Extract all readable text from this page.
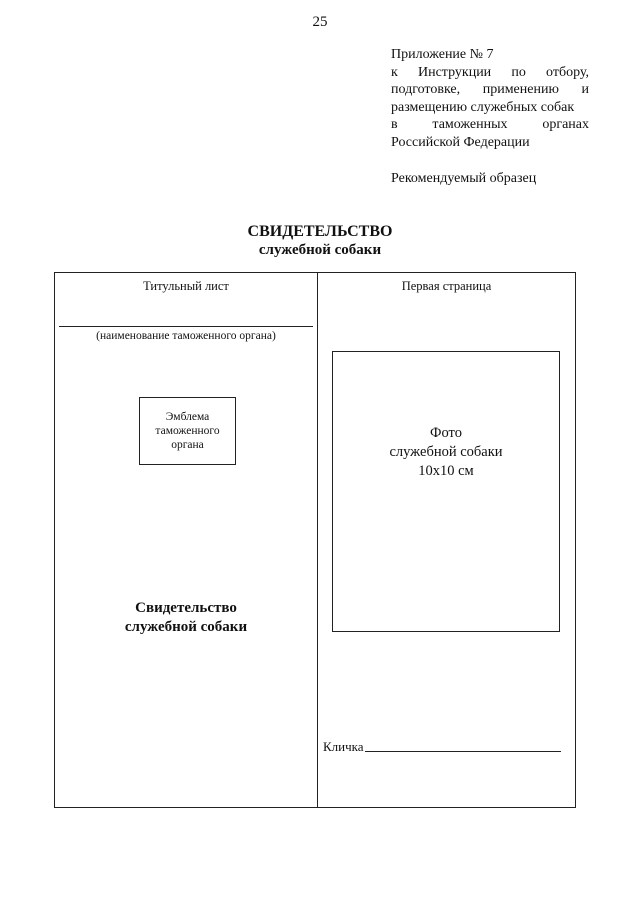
25
Приложение № 7
к Инструкции по отбору,
подготовке, применению и
размещению служебных собак
в таможенных органах
Российской Федерации
Рекомендуемый образец
СВИДЕТЕЛЬСТВО
служебной собаки
Титульный лист
(наименование таможенного органа)
Эмблема
таможенного
органа
Свидетельство
служебной собаки
Первая страница
Фото
служебной собаки
10х10 см
Кличка
